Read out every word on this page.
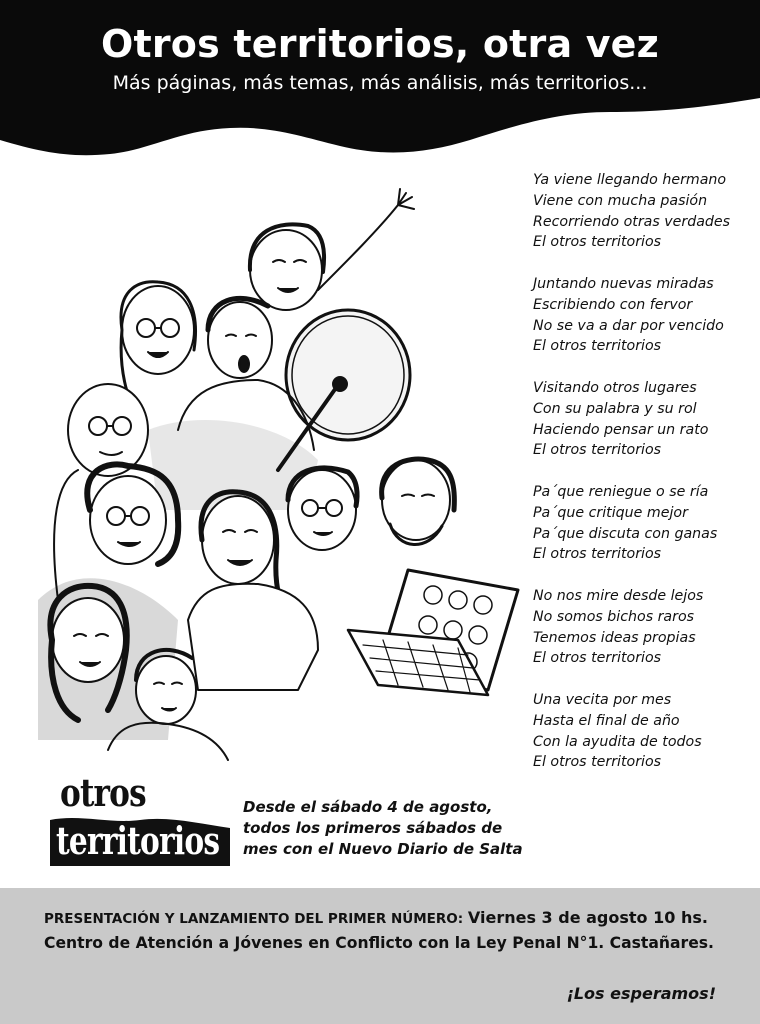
Otros territorios, otra vez
Más páginas, más temas, más análisis, más territorios...
Ya viene llegando hermano
Viene con mucha pasión
Recorriendo otras verdades
El otros territorios
Juntando nuevas miradas
Escribiendo con fervor
No se va a dar por vencido
El otros territorios
Visitando otros lugares
Con su palabra y su rol
Haciendo pensar un rato
El otros territorios
Pa´que reniegue o se ría
Pa´que critique mejor
Pa´que discuta con ganas
El otros territorios
No nos mire desde lejos
No somos bichos raros
Tenemos ideas propias
El otros territorios
Una vecita por mes
Hasta el final de año
Con la ayudita de todos
El otros territorios
otros
territorios
Desde el sábado 4 de agosto,
todos los primeros sábados de
mes con el Nuevo Diario de Salta
PRESENTACIÓN Y LANZAMIENTO DEL PRIMER NÚMERO: Viernes 3 de agosto 10 hs.
Centro de Atención a Jóvenes en Conflicto con la Ley Penal N°1. Castañares.
¡Los esperamos!
